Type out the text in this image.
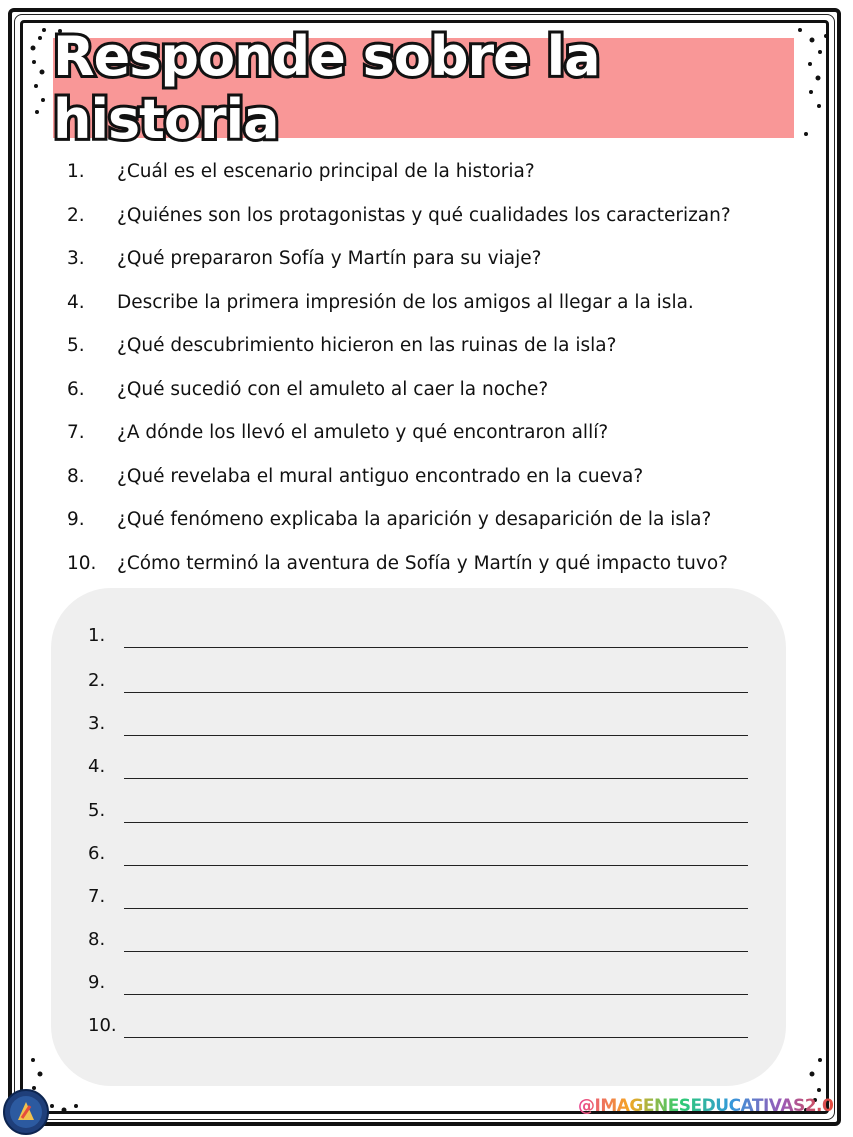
Responde sobre la historia
1.	¿Cuál es el escenario principal de la historia?
2.	¿Quiénes son los protagonistas y qué cualidades los caracterizan?
3.	¿Qué prepararon Sofía y Martín para su viaje?
4.	Describe la primera impresión de los amigos al llegar a la isla.
5.	¿Qué descubrimiento hicieron en las ruinas de la isla?
6.	¿Qué sucedió con el amuleto al caer la noche?
7.	¿A dónde los llevó el amuleto y qué encontraron allí?
8.	¿Qué revelaba el mural antiguo encontrado en la cueva?
9.	¿Qué fenómeno explicaba la aparición y desaparición de la isla?
10.	¿Cómo terminó la aventura de Sofía y Martín y qué impacto tuvo?
1.
2.
3.
4.
5.
6.
7.
8.
9.
10.
@IMAGENESEDUCATIVAS2.0
